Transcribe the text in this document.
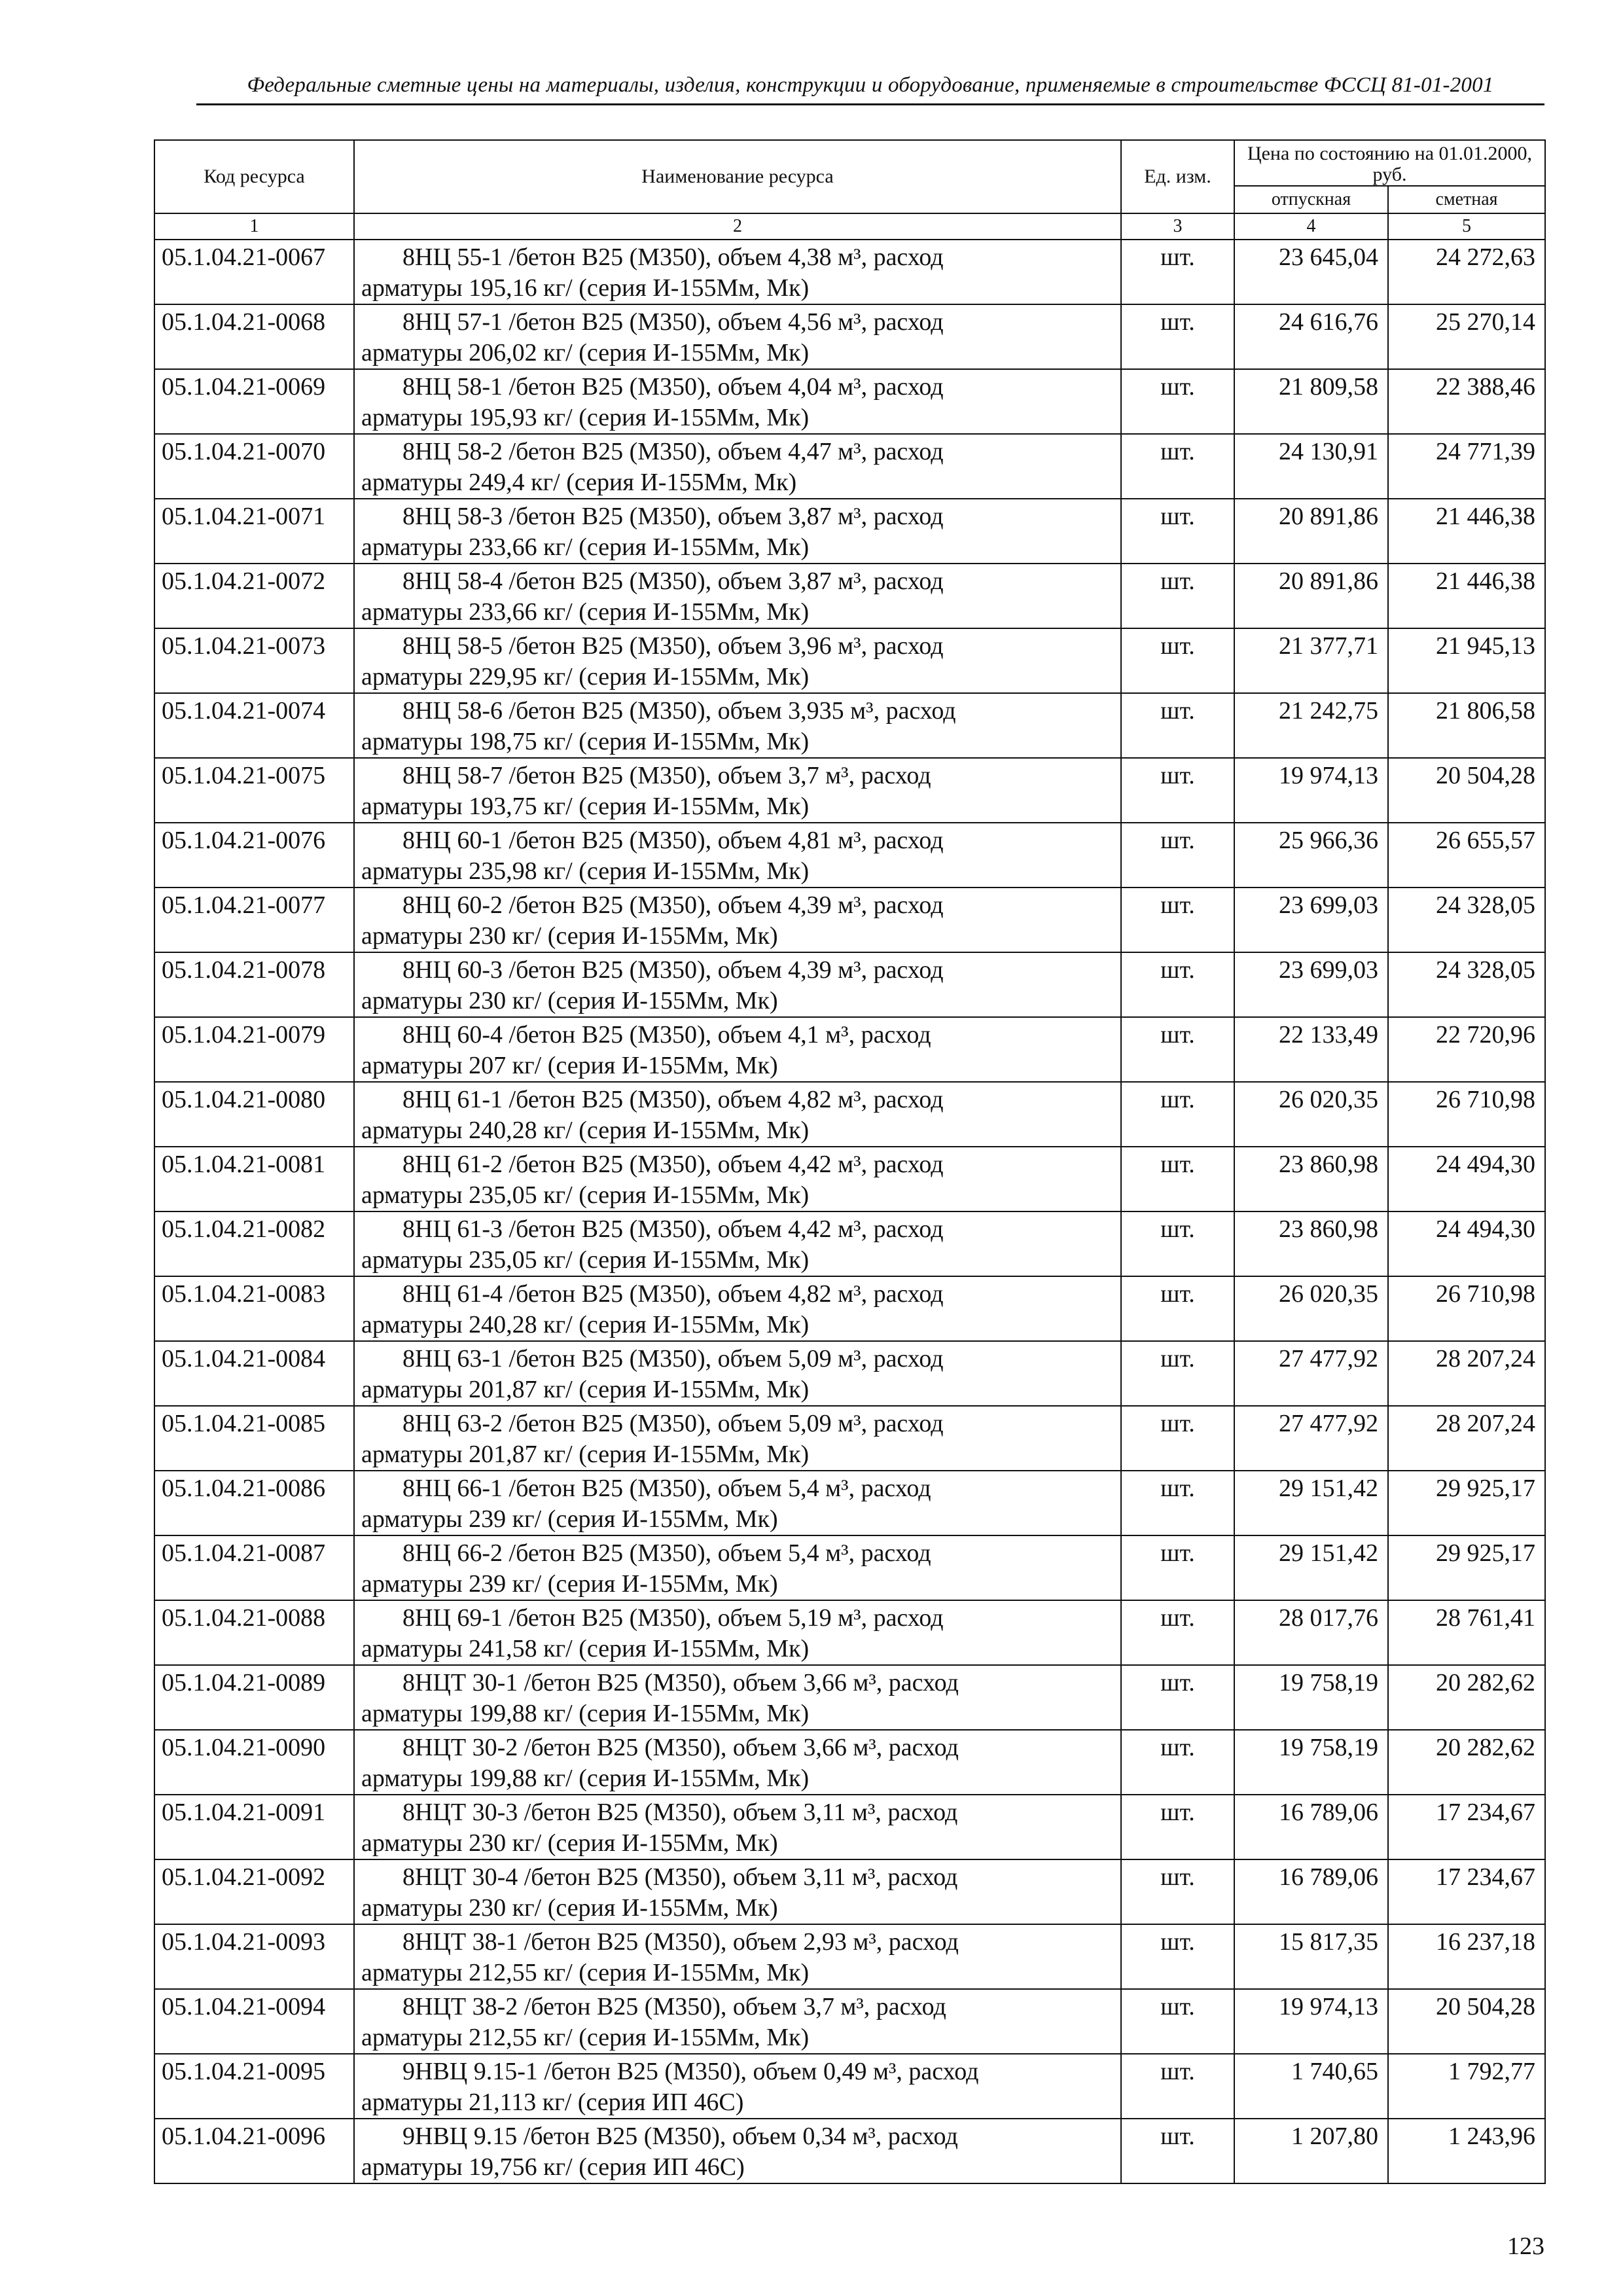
Федеральные сметные цены на материалы, изделия, конструкции и оборудование, применяемые в строительстве ФССЦ 81-01-2001
Код ресурса	Наименование ресурса	Ед. изм.	Цена по состоянию на 01.01.2000, руб.	
			отпускная	сметная
1	2	3	4	5
05.1.04.21-0067	8НЦ 55-1 /бетон В25 (М350), объем 4,38 м³, расход
арматуры 195,16 кг/ (серия И-155Мм, Мк)	шт.	23 645,04	24 272,63
05.1.04.21-0068	8НЦ 57-1 /бетон В25 (М350), объем 4,56 м³, расход
арматуры 206,02 кг/ (серия И-155Мм, Мк)	шт.	24 616,76	25 270,14
05.1.04.21-0069	8НЦ 58-1 /бетон В25 (М350), объем 4,04 м³, расход
арматуры 195,93 кг/ (серия И-155Мм, Мк)	шт.	21 809,58	22 388,46
05.1.04.21-0070	8НЦ 58-2 /бетон В25 (М350), объем 4,47 м³, расход
арматуры 249,4 кг/ (серия И-155Мм, Мк)	шт.	24 130,91	24 771,39
05.1.04.21-0071	8НЦ 58-3 /бетон В25 (М350), объем 3,87 м³, расход
арматуры 233,66 кг/ (серия И-155Мм, Мк)	шт.	20 891,86	21 446,38
05.1.04.21-0072	8НЦ 58-4 /бетон В25 (М350), объем 3,87 м³, расход
арматуры 233,66 кг/ (серия И-155Мм, Мк)	шт.	20 891,86	21 446,38
05.1.04.21-0073	8НЦ 58-5 /бетон В25 (М350), объем 3,96 м³, расход
арматуры 229,95 кг/ (серия И-155Мм, Мк)	шт.	21 377,71	21 945,13
05.1.04.21-0074	8НЦ 58-6 /бетон В25 (М350), объем 3,935 м³, расход
арматуры 198,75 кг/ (серия И-155Мм, Мк)	шт.	21 242,75	21 806,58
05.1.04.21-0075	8НЦ 58-7 /бетон В25 (М350), объем 3,7 м³, расход
арматуры 193,75 кг/ (серия И-155Мм, Мк)	шт.	19 974,13	20 504,28
05.1.04.21-0076	8НЦ 60-1 /бетон В25 (М350), объем 4,81 м³, расход
арматуры 235,98 кг/ (серия И-155Мм, Мк)	шт.	25 966,36	26 655,57
05.1.04.21-0077	8НЦ 60-2 /бетон В25 (М350), объем 4,39 м³, расход
арматуры 230 кг/ (серия И-155Мм, Мк)	шт.	23 699,03	24 328,05
05.1.04.21-0078	8НЦ 60-3 /бетон В25 (М350), объем 4,39 м³, расход
арматуры 230 кг/ (серия И-155Мм, Мк)	шт.	23 699,03	24 328,05
05.1.04.21-0079	8НЦ 60-4 /бетон В25 (М350), объем 4,1 м³, расход
арматуры 207 кг/ (серия И-155Мм, Мк)	шт.	22 133,49	22 720,96
05.1.04.21-0080	8НЦ 61-1 /бетон В25 (М350), объем 4,82 м³, расход
арматуры 240,28 кг/ (серия И-155Мм, Мк)	шт.	26 020,35	26 710,98
05.1.04.21-0081	8НЦ 61-2 /бетон В25 (М350), объем 4,42 м³, расход
арматуры 235,05 кг/ (серия И-155Мм, Мк)	шт.	23 860,98	24 494,30
05.1.04.21-0082	8НЦ 61-3 /бетон В25 (М350), объем 4,42 м³, расход
арматуры 235,05 кг/ (серия И-155Мм, Мк)	шт.	23 860,98	24 494,30
05.1.04.21-0083	8НЦ 61-4 /бетон В25 (М350), объем 4,82 м³, расход
арматуры 240,28 кг/ (серия И-155Мм, Мк)	шт.	26 020,35	26 710,98
05.1.04.21-0084	8НЦ 63-1 /бетон В25 (М350), объем 5,09 м³, расход
арматуры 201,87 кг/ (серия И-155Мм, Мк)	шт.	27 477,92	28 207,24
05.1.04.21-0085	8НЦ 63-2 /бетон В25 (М350), объем 5,09 м³, расход
арматуры 201,87 кг/ (серия И-155Мм, Мк)	шт.	27 477,92	28 207,24
05.1.04.21-0086	8НЦ 66-1 /бетон В25 (М350), объем 5,4 м³, расход
арматуры 239 кг/ (серия И-155Мм, Мк)	шт.	29 151,42	29 925,17
05.1.04.21-0087	8НЦ 66-2 /бетон В25 (М350), объем 5,4 м³, расход
арматуры 239 кг/ (серия И-155Мм, Мк)	шт.	29 151,42	29 925,17
05.1.04.21-0088	8НЦ 69-1 /бетон В25 (М350), объем 5,19 м³, расход
арматуры 241,58 кг/ (серия И-155Мм, Мк)	шт.	28 017,76	28 761,41
05.1.04.21-0089	8НЦТ 30-1 /бетон В25 (М350), объем 3,66 м³, расход
арматуры 199,88 кг/ (серия И-155Мм, Мк)	шт.	19 758,19	20 282,62
05.1.04.21-0090	8НЦТ 30-2 /бетон В25 (М350), объем 3,66 м³, расход
арматуры 199,88 кг/ (серия И-155Мм, Мк)	шт.	19 758,19	20 282,62
05.1.04.21-0091	8НЦТ 30-3 /бетон В25 (М350), объем 3,11 м³, расход
арматуры 230 кг/ (серия И-155Мм, Мк)	шт.	16 789,06	17 234,67
05.1.04.21-0092	8НЦТ 30-4 /бетон В25 (М350), объем 3,11 м³, расход
арматуры 230 кг/ (серия И-155Мм, Мк)	шт.	16 789,06	17 234,67
05.1.04.21-0093	8НЦТ 38-1 /бетон В25 (М350), объем 2,93 м³, расход
арматуры 212,55 кг/ (серия И-155Мм, Мк)	шт.	15 817,35	16 237,18
05.1.04.21-0094	8НЦТ 38-2 /бетон В25 (М350), объем 3,7 м³, расход
арматуры 212,55 кг/ (серия И-155Мм, Мк)	шт.	19 974,13	20 504,28
05.1.04.21-0095	9НВЦ 9.15-1 /бетон В25 (М350), объем 0,49 м³, расход
арматуры 21,113 кг/ (серия ИП 46С)	шт.	1 740,65	1 792,77
05.1.04.21-0096	9НВЦ 9.15 /бетон В25 (М350), объем 0,34 м³, расход
арматуры 19,756 кг/ (серия ИП 46С)	шт.	1 207,80	1 243,96
123
